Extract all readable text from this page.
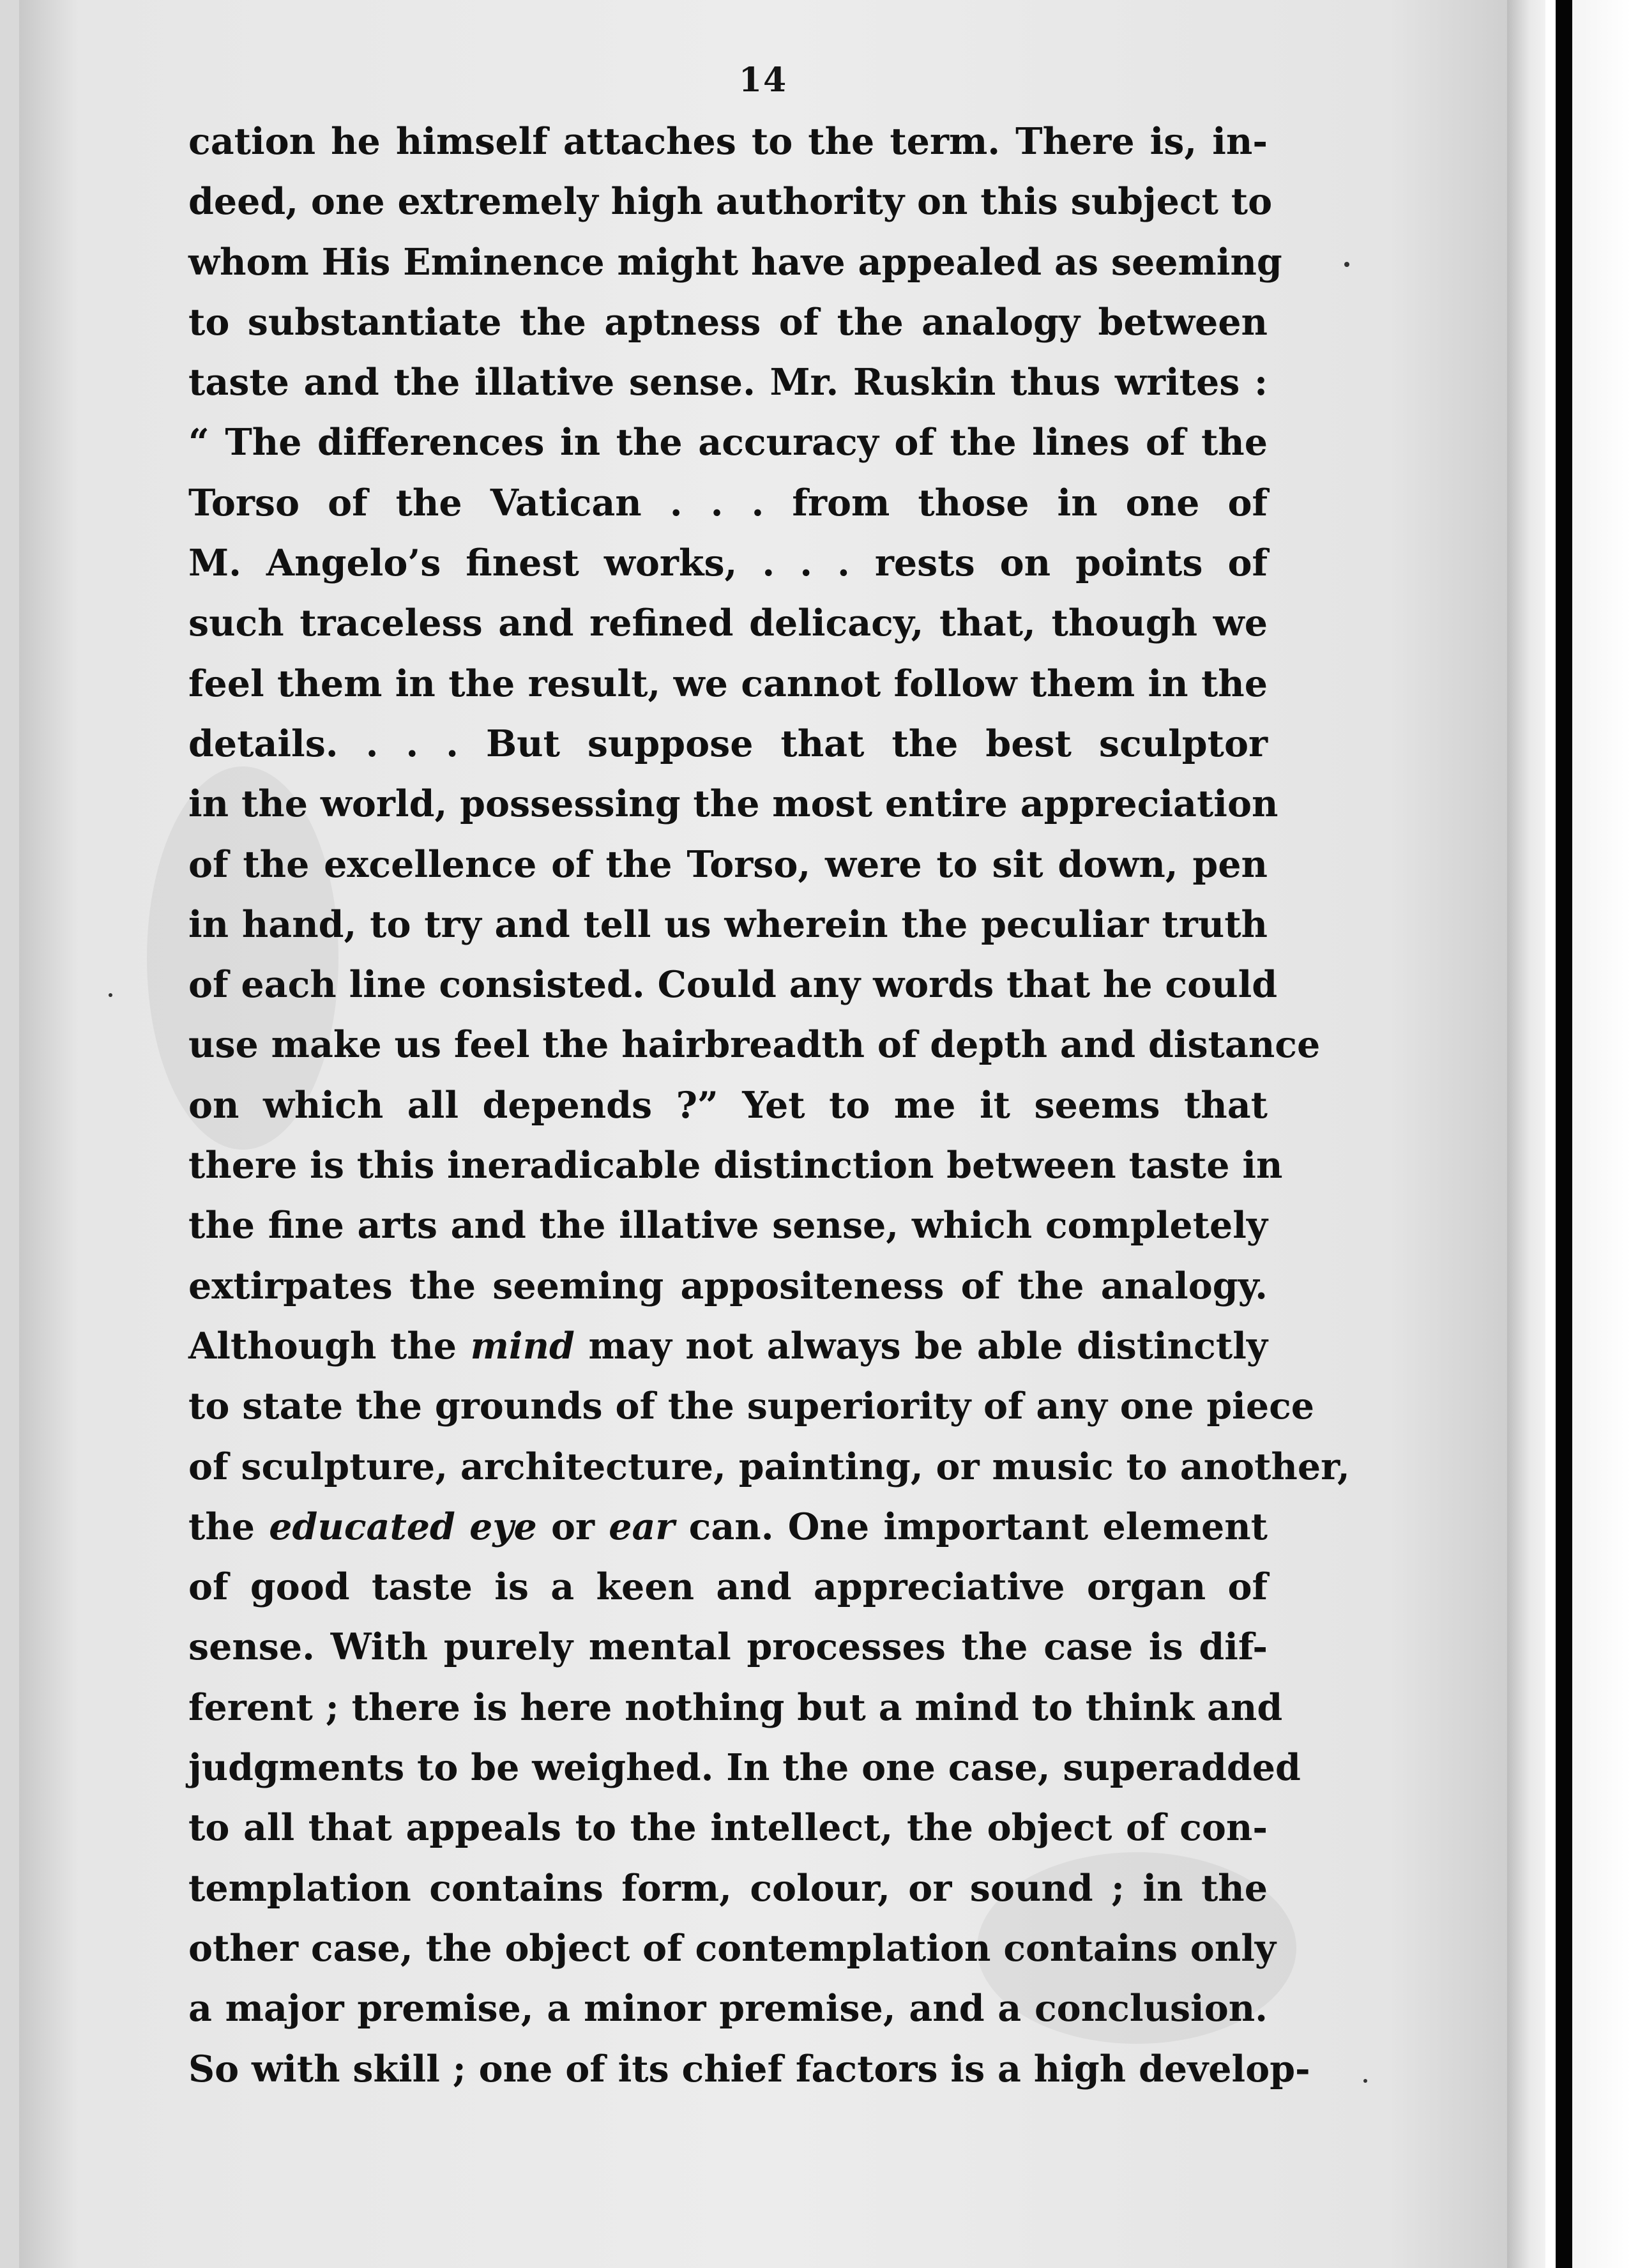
14
cation he himself attaches to the term. There is, in-
deed, one extremely high authority on this subject to
whom His Eminence might have appealed as seeming
to substantiate the aptness of the analogy between
taste and the illative sense. Mr. Ruskin thus writes :
“ The differences in the accuracy of the lines of the
Torso of the Vatican . . . from those in one of
M. Angelo’s finest works, . . . rests on points of
such traceless and refined delicacy, that, though we
feel them in the result, we cannot follow them in the
details. . . . But suppose that the best sculptor
in the world, possessing the most entire appreciation
of the excellence of the Torso, were to sit down, pen
in hand, to try and tell us wherein the peculiar truth
of each line consisted. Could any words that he could
use make us feel the hairbreadth of depth and distance
on which all depends ?” Yet to me it seems that
there is this ineradicable distinction between taste in
the fine arts and the illative sense, which completely
extirpates the seeming appositeness of the analogy.
Although the mind may not always be able distinctly
to state the grounds of the superiority of any one piece
of sculpture, architecture, painting, or music to another,
the educated eye or ear can. One important element
of good taste is a keen and appreciative organ of
sense. With purely mental processes the case is dif-
ferent ; there is here nothing but a mind to think and
judgments to be weighed. In the one case, superadded
to all that appeals to the intellect, the object of con-
templation contains form, colour, or sound ; in the
other case, the object of contemplation contains only
a major premise, a minor premise, and a conclusion.
So with skill ; one of its chief factors is a high develop-
